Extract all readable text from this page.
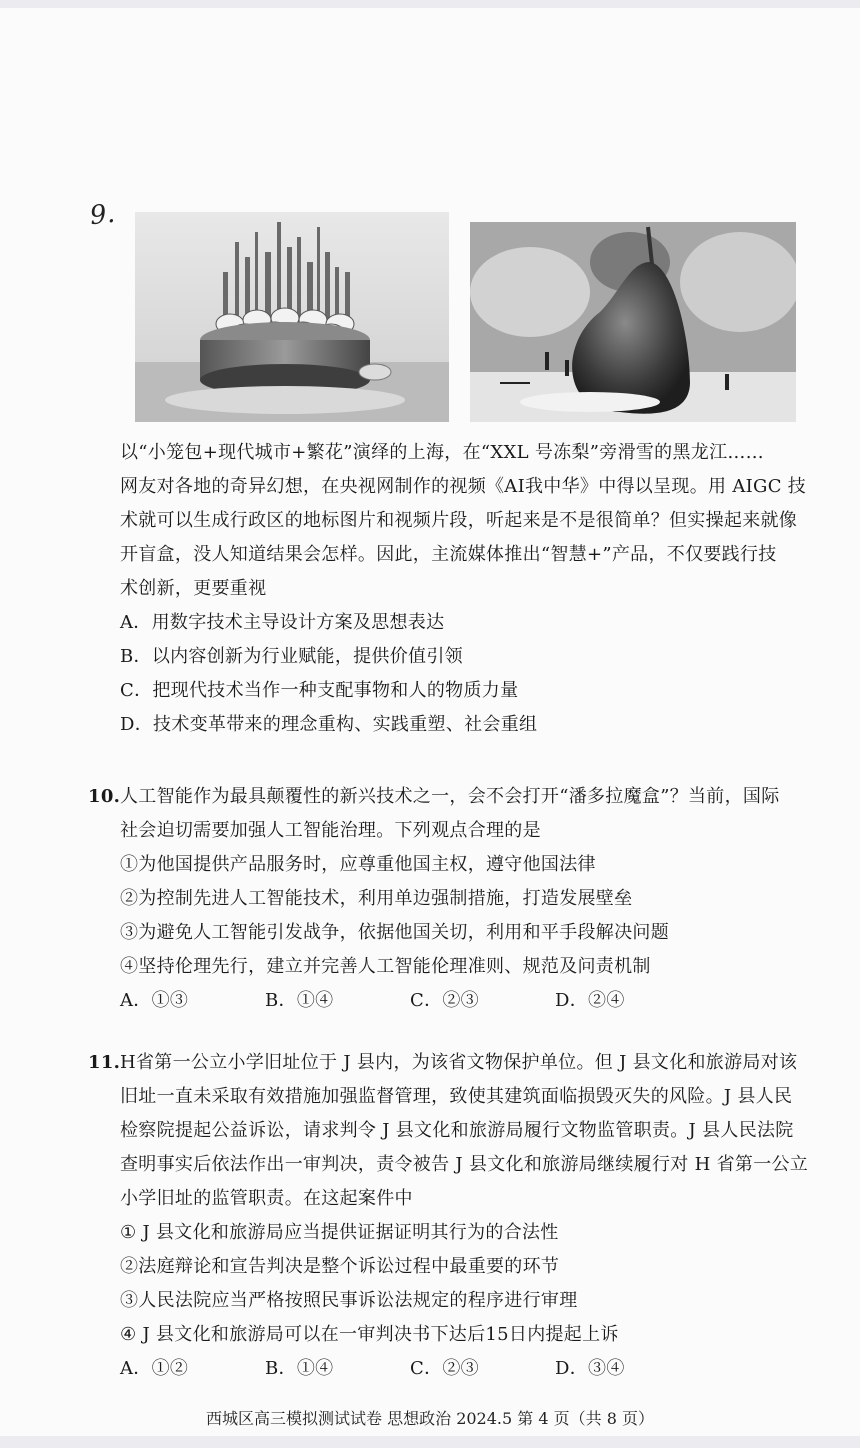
9.
以“小笼包+现代城市+繁花”演绎的上海，在“XXL 号冻梨”旁滑雪的黑龙江……
网友对各地的奇异幻想，在央视网制作的视频《AI我中华》中得以呈现。用 AIGC 技
术就可以生成行政区的地标图片和视频片段，听起来是不是很简单？但实操起来就像
开盲盒，没人知道结果会怎样。因此，主流媒体推出“智慧+”产品，不仅要践行技
术创新，更要重视
A．用数字技术主导设计方案及思想表达
B．以内容创新为行业赋能，提供价值引领
C．把现代技术当作一种支配事物和人的物质力量
D．技术变革带来的理念重构、实践重塑、社会重组
10. 人工智能作为最具颠覆性的新兴技术之一，会不会打开“潘多拉魔盒”？当前，国际
社会迫切需要加强人工智能治理。下列观点合理的是
①为他国提供产品服务时，应尊重他国主权，遵守他国法律
②为控制先进人工智能技术，利用单边强制措施，打造发展壁垒
③为避免人工智能引发战争，依据他国关切，利用和平手段解决问题
④坚持伦理先行，建立并完善人工智能伦理准则、规范及问责机制
A．①③	B．①④	C．②③	D．②④
11. H省第一公立小学旧址位于 J 县内，为该省文物保护单位。但 J 县文化和旅游局对该
旧址一直未采取有效措施加强监督管理，致使其建筑面临损毁灭失的风险。J 县人民
检察院提起公益诉讼，请求判令 J 县文化和旅游局履行文物监管职责。J 县人民法院
查明事实后依法作出一审判决，责令被告 J 县文化和旅游局继续履行对 H 省第一公立
小学旧址的监管职责。在这起案件中
① J 县文化和旅游局应当提供证据证明其行为的合法性
②法庭辩论和宣告判决是整个诉讼过程中最重要的环节
③人民法院应当严格按照民事诉讼法规定的程序进行审理
④ J 县文化和旅游局可以在一审判决书下达后15日内提起上诉
A．①②	B．①④	C．②③	D．③④
西城区高三模拟测试试卷 思想政治 2024.5 第 4 页（共 8 页）
